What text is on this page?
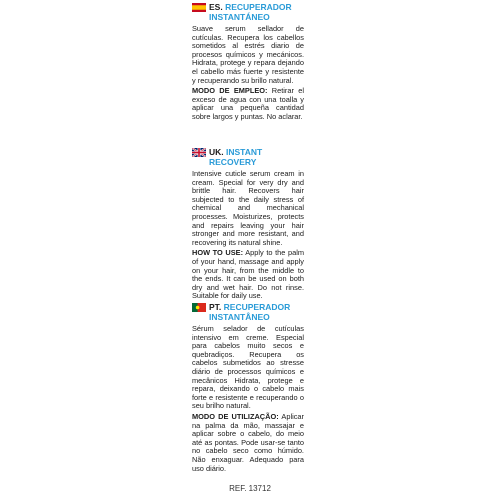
ES. RECUPERADOR INSTANTÁNEO

Suave serum sellador de cutículas. Recupera los cabellos sometidos al estrés diario de procesos químicos y mecánicos. Hidrata, protege y repara dejando el cabello más fuerte y resistente y recuperando su brillo natural.

MODO DE EMPLEO: Retirar el exceso de agua con una toalla y aplicar una pequeña cantidad sobre largos y puntas. No aclarar.

UK. INSTANT RECOVERY

Intensive cuticle serum cream in cream. Special for very dry and brittle hair. Recovers hair subjected to the daily stress of chemical and mechanical processes. Moisturizes, protects and repairs leaving your hair stronger and more resistant, and recovering its natural shine.

HOW TO USE: Apply to the palm of your hand, massage and apply on your hair, from the middle to the ends. It can be used on both dry and wet hair. Do not rinse. Suitable for daily use.

PT. RECUPERADOR INSTANTÂNEO

Sérum selador de cutículas intensivo em creme. Especial para cabelos muito secos e quebradiços. Recupera os cabelos submetidos ao stresse diário de processos químicos e mecânicos Hidrata, protege e repara, deixando o cabelo mais forte e resistente e recuperando o seu brilho natural.

MODO DE UTILIZAÇÃO: Aplicar na palma da mão, massajar e aplicar sobre o cabelo, do meio até as pontas. Pode usar-se tanto no cabelo seco como húmido. Não enxaguar. Adequado para uso diário.

REF. 13712
